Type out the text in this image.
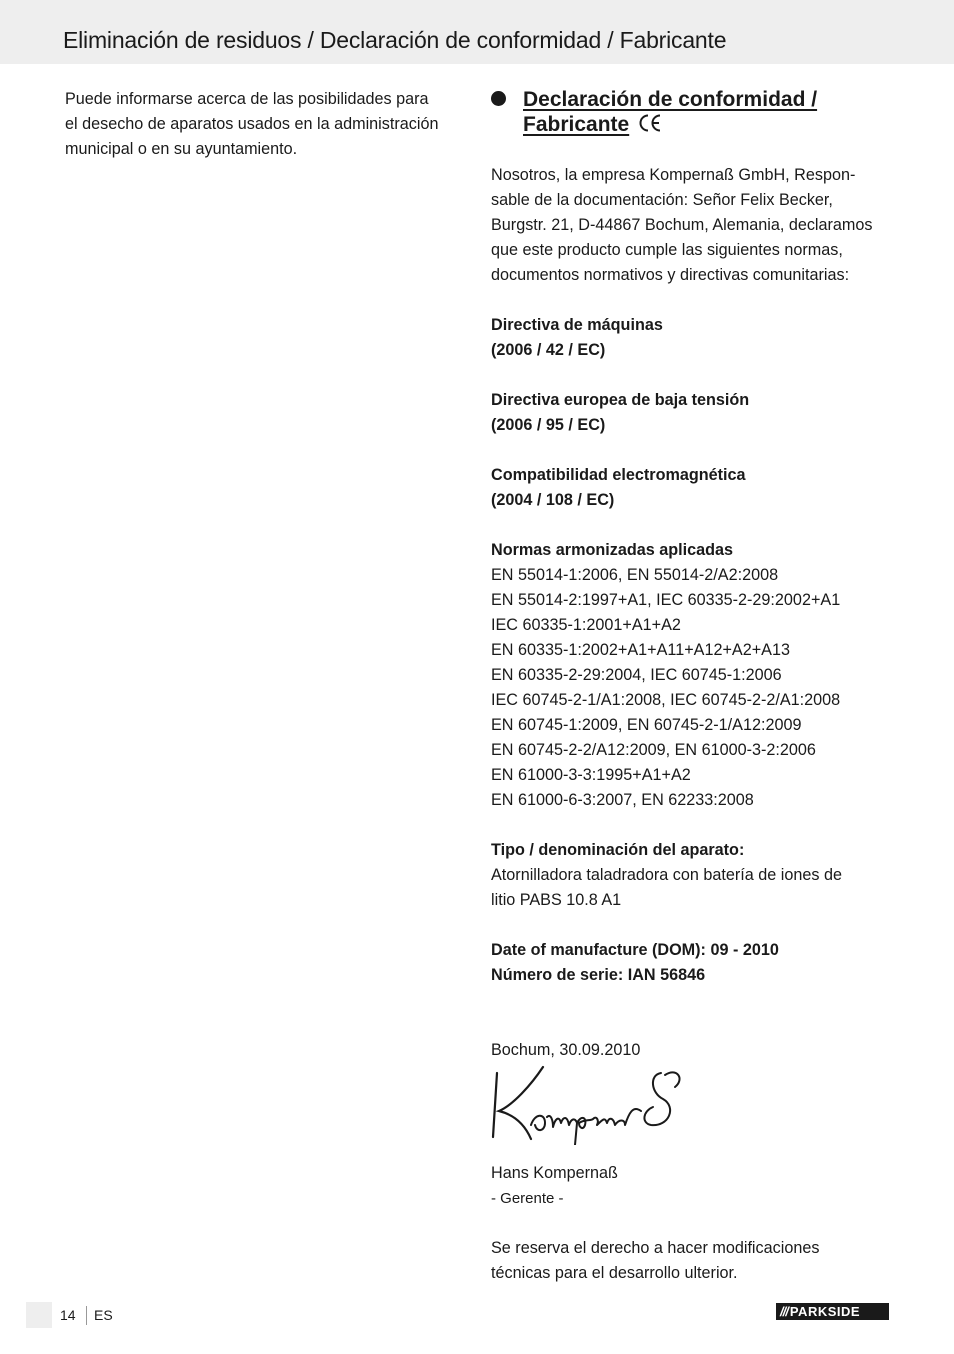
Eliminación de residuos / Declaración de conformidad / Fabricante
Puede informarse acerca de las posibilidades para
el desecho de aparatos usados en la administración
municipal o en su ayuntamiento.
Declaración de conformidad /
Fabricante

Nosotros, la empresa Kompernaß GmbH, Respon-
sable de la documentación: Señor Felix Becker,
Burgstr. 21, D-44867 Bochum, Alemania, declaramos
que este producto cumple las siguientes normas,
documentos normativos y directivas comunitarias:

Directiva de máquinas
(2006 / 42 / EC)

Directiva europea de baja tensión
(2006 / 95 / EC)

Compatibilidad electromagnética
(2004 / 108 / EC)

Normas armonizadas aplicadas
EN 55014-1:2006, EN 55014-2/A2:2008
EN 55014-2:1997+A1, IEC 60335-2-29:2002+A1
IEC 60335-1:2001+A1+A2
EN 60335-1:2002+A1+A11+A12+A2+A13
EN 60335-2-29:2004, IEC 60745-1:2006
IEC 60745-2-1/A1:2008, IEC 60745-2-2/A1:2008
EN 60745-1:2009, EN 60745-2-1/A12:2009
EN 60745-2-2/A12:2009, EN 61000-3-2:2006
EN 61000-3-3:1995+A1+A2
EN 61000-6-3:2007, EN 62233:2008

Tipo / denominación del aparato:
Atornilladora taladradora con batería de iones de
litio PABS 10.8 A1

Date of manufacture (DOM): 09 - 2010
Número de serie: IAN 56846

Bochum, 30.09.2010

Hans Kompernaß
- Gerente -

Se reserva el derecho a hacer modificaciones
técnicas para el desarrollo ulterior.

14 ES	/// PARKSIDE
